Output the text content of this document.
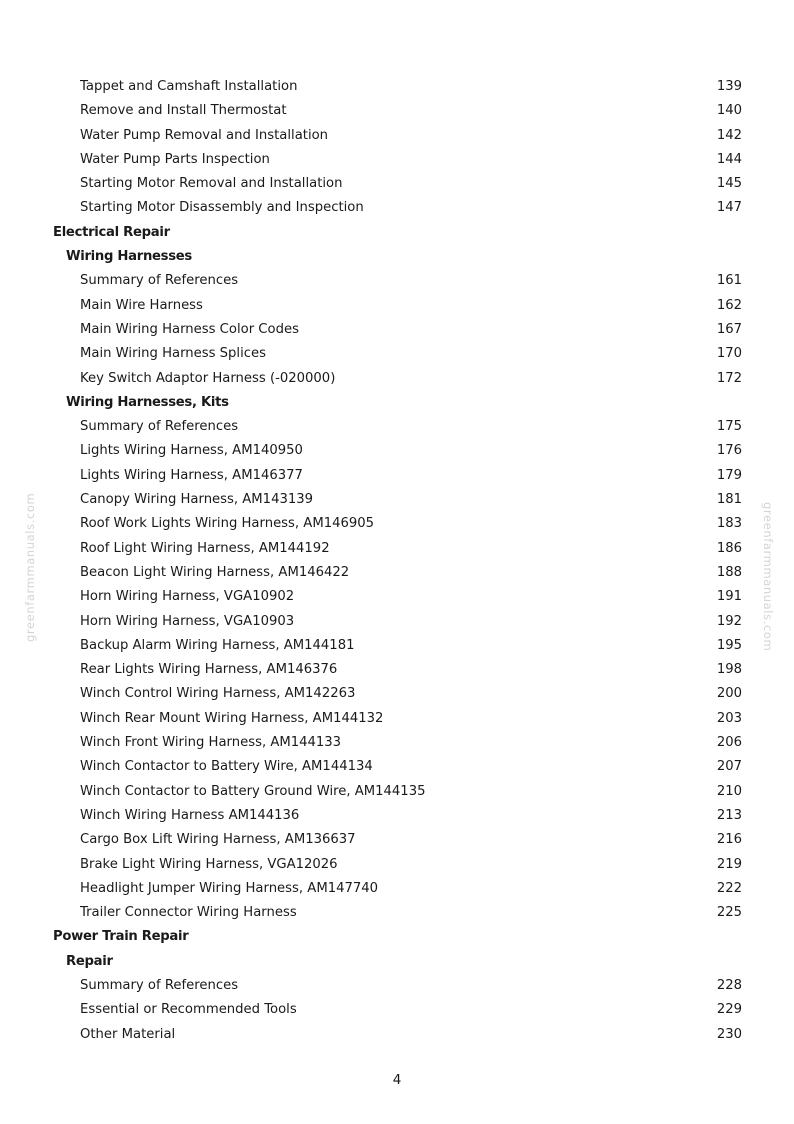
greenfarmmanuals.com	greenfarmmanuals.com
Tappet and Camshaft Installation	139
Remove and Install Thermostat	140
Water Pump Removal and Installation	142
Water Pump Parts Inspection	144
Starting Motor Removal and Installation	145
Starting Motor Disassembly and Inspection	147
Electrical Repair
Wiring Harnesses
Summary of References	161
Main Wire Harness	162
Main Wiring Harness Color Codes	167
Main Wiring Harness Splices	170
Key Switch Adaptor Harness (-020000)	172
Wiring Harnesses, Kits
Summary of References	175
Lights Wiring Harness, AM140950	176
Lights Wiring Harness, AM146377	179
Canopy Wiring Harness, AM143139	181
Roof Work Lights Wiring Harness, AM146905	183
Roof Light Wiring Harness, AM144192	186
Beacon Light Wiring Harness, AM146422	188
Horn Wiring Harness, VGA10902	191
Horn Wiring Harness, VGA10903	192
Backup Alarm Wiring Harness, AM144181	195
Rear Lights Wiring Harness, AM146376	198
Winch Control Wiring Harness, AM142263	200
Winch Rear Mount Wiring Harness, AM144132	203
Winch Front Wiring Harness, AM144133	206
Winch Contactor to Battery Wire, AM144134	207
Winch Contactor to Battery Ground Wire, AM144135	210
Winch Wiring Harness AM144136	213
Cargo Box Lift Wiring Harness, AM136637	216
Brake Light Wiring Harness, VGA12026	219
Headlight Jumper Wiring Harness, AM147740	222
Trailer Connector Wiring Harness	225
Power Train Repair
Repair
Summary of References	228
Essential or Recommended Tools	229
Other Material	230
4
